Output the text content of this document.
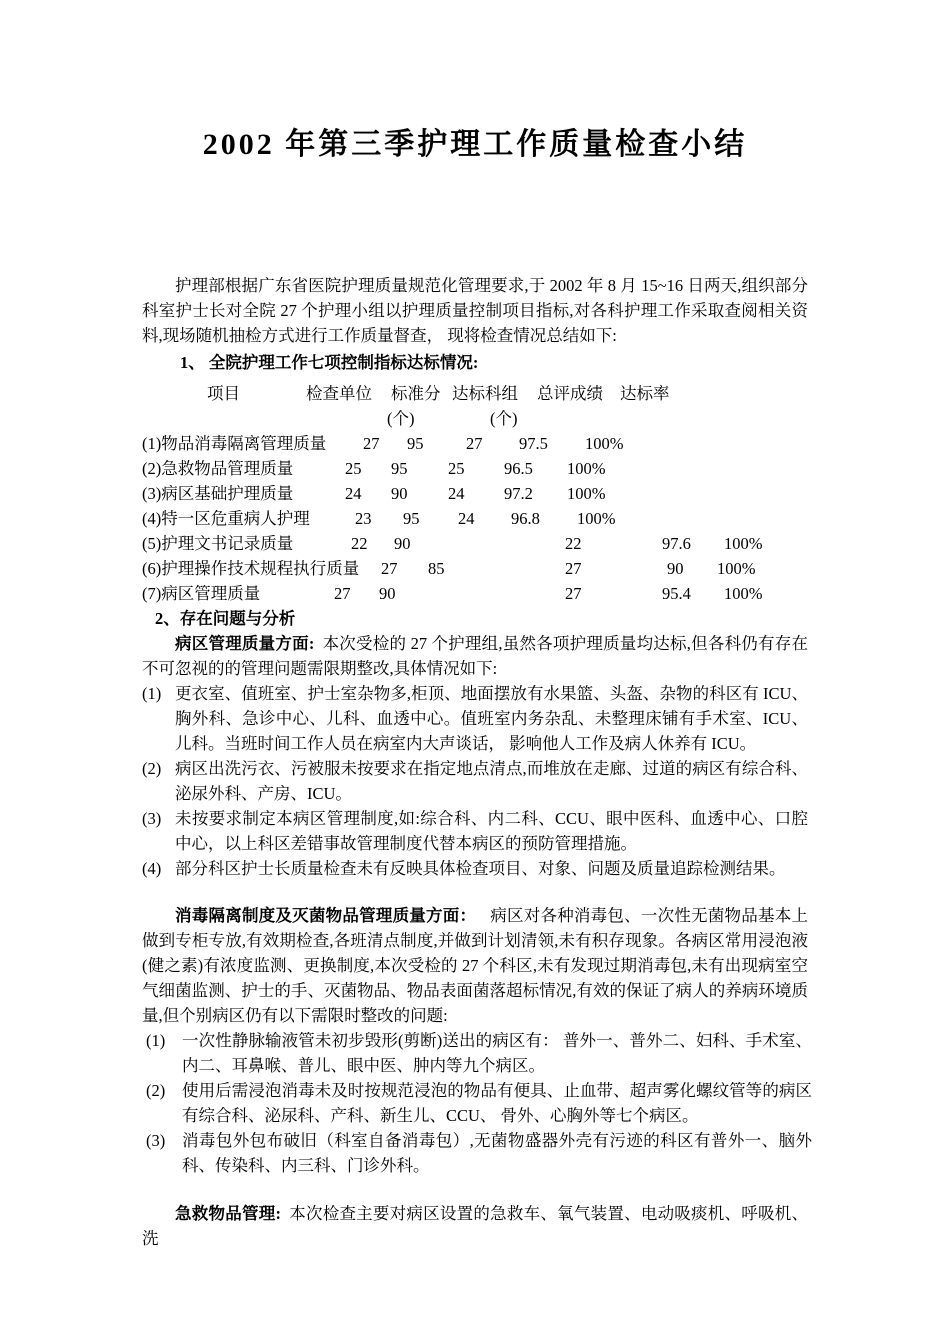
2002 年第三季护理工作质量检查小结

护理部根据广东省医院护理质量规范化管理要求,于 2002 年 8 月 15~16 日两天,组织部分科室护士长对全院 27 个护理小组以护理质量控制项目指标,对各科护理工作采取查阅相关资料,现场随机抽检方式进行工作质量督查， 现将检查情况总结如下:

1、 全院护理工作七项控制指标达标情况:
项目	检查单位 标准分 达标科组 总评成绩 达标率
(个)	(个)
(1)物品消毒隔离管理质量 27 95	27 97.5 100%
(2)急救物品管理质量	25 95 25 96.5 100%
(3)病区基础护理质量	24 90 24 97.2 100%
(4)特一区危重病人护理	23 95 24 96.8 100%
(5)护理文书记录质量	22 90	22	97.6 100%
(6)护理操作技术规程执行质量 27 85	27	90 100%
(7)病区管理质量	27 90	27	95.4 100%
2、存在问题与分析

病区管理质量方面: 本次受检的 27 个护理组,虽然各项护理质量均达标,但各科仍有存在不可忽视的的管理问题需限期整改,具体情况如下:

(1) 更衣室、值班室、护士室杂物多,柜顶、地面摆放有水果篮、头盔、杂物的科区有 ICU、胸外科、急诊中心、儿科、血透中心。值班室内务杂乱、未整理床铺有手术室、ICU、儿科。当班时间工作人员在病室内大声谈话， 影响他人工作及病人休养有 ICU。
(2) 病区出洗污衣、污被服未按要求在指定地点清点,而堆放在走廊、过道的病区有综合科、泌尿外科、产房、ICU。
(3) 未按要求制定本病区管理制度,如:综合科、内二科、CCU、眼中医科、血透中心、口腔中心，以上科区差错事故管理制度代替本病区的预防管理措施。
(4) 部分科区护士长质量检查未有反映具体检查项目、对象、问题及质量追踪检测结果。

消毒隔离制度及灭菌物品管理质量方面： 病区对各种消毒包、一次性无菌物品基本上做到专柜专放,有效期检查,各班清点制度,并做到计划清领,未有积存现象。各病区常用浸泡液(健之素)有浓度监测、更换制度,本次受检的 27 个科区,未有发现过期消毒包,未有出现病室空气细菌监测、护士的手、灭菌物品、物品表面菌落超标情况,有效的保证了病人的养病环境质量,但个别病区仍有以下需限时整改的问题:

(1) 一次性静脉输液管未初步毁形(剪断)送出的病区有： 普外一、普外二、妇科、手术室、内二、耳鼻喉、普儿、眼中医、肿内等九个病区。
(2) 使用后需浸泡消毒未及时按规范浸泡的物品有便具、止血带、超声雾化螺纹管等的病区有综合科、泌尿科、产科、新生儿、CCU、 骨外、心胸外等七个病区。
(3) 消毒包外包布破旧（科室自备消毒包）,无菌物盛器外壳有污迹的科区有普外一、脑外科、传染科、内三科、门诊外科。

急救物品管理: 本次检查主要对病区设置的急救车、氧气装置、电动吸痰机、呼吸机、洗
